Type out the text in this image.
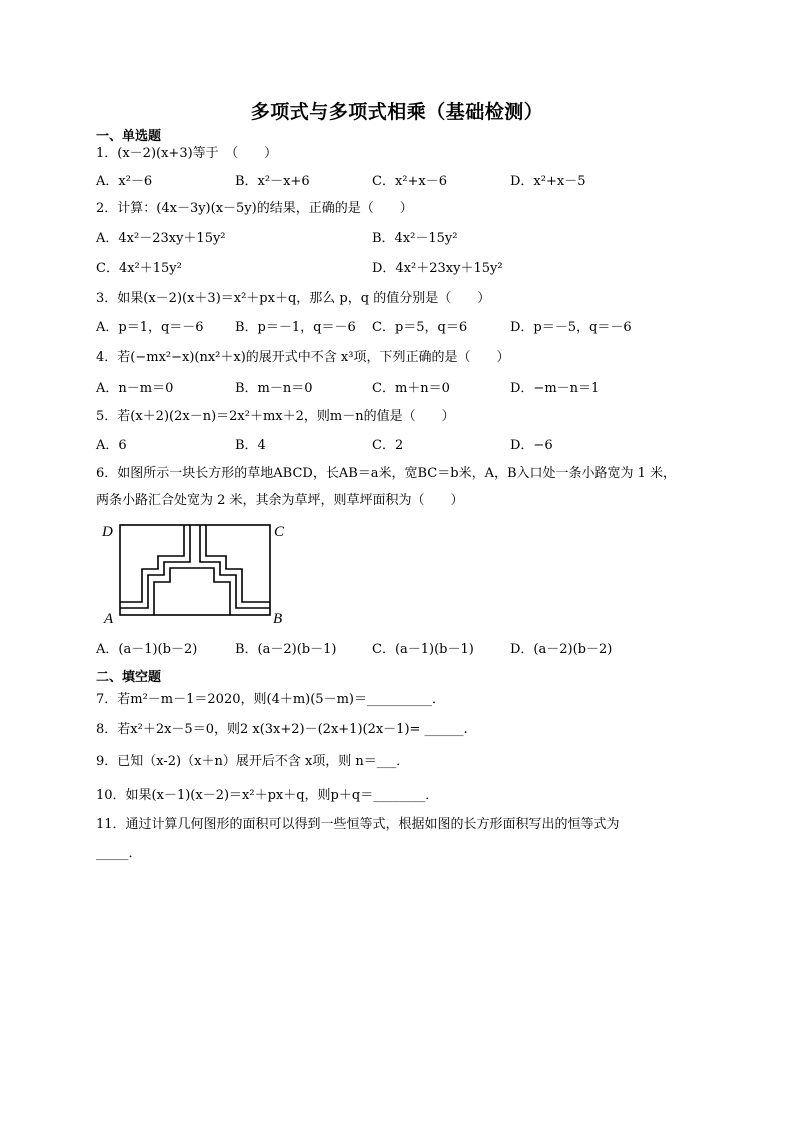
多项式与多项式相乘（基础检测）
一、单选题
1．(x－2)(x+3)等于　（　　）
A．x²－6	B．x²－x+6	C．x²+x－6	D．x²+x－5
2．计算：(4x－3y)(x－5y)的结果，正确的是（　　）
A．4x²－23xy＋15y²	B．4x²－15y²
C．4x²＋15y²	D．4x²＋23xy＋15y²
3．如果(x－2)(x＋3)＝x²＋px＋q，那么 p，q 的值分别是（　　）
A．p＝1，q＝－6 B．p＝－1，q＝－6 C．p＝5，q＝6	D．p＝－5，q＝－6
4．若(−mx²−x)(nx²＋x)的展开式中不含 x³项，下列正确的是（　　）
A．n－m＝0	B．m－n＝0	C．m＋n＝0	D．−m－n＝1
5．若(x＋2)(2x－n)＝2x²＋mx＋2，则m－n的值是（　　）
A．6	B．4	C．2	D．−6
6．如图所示一块长方形的草地ABCD，长AB＝a米，宽BC＝b米，A，B入口处一条小路宽为 1 米，
两条小路汇合处宽为 2 米，其余为草坪，则草坪面积为（　　）
D	C
A	B
A．(a－1)(b－2)	B．(a－2)(b－1)	C．(a－1)(b－1)	D．(a－2)(b－2)
二、填空题
7．若m²－m－1＝2020，则(4＋m)(5－m)＝__________．
8．若x²＋2x－5＝0，则2 x(3x+2)－(2x+1)(2x－1)= ______.
9．已知（x-2)（x＋n）展开后不含 x项，则 n＝___．
10．如果(x－1)(x－2)＝x²＋px＋q，则p＋q＝________．
11．通过计算几何图形的面积可以得到一些恒等式，根据如图的长方形面积写出的恒等式为
_____．
